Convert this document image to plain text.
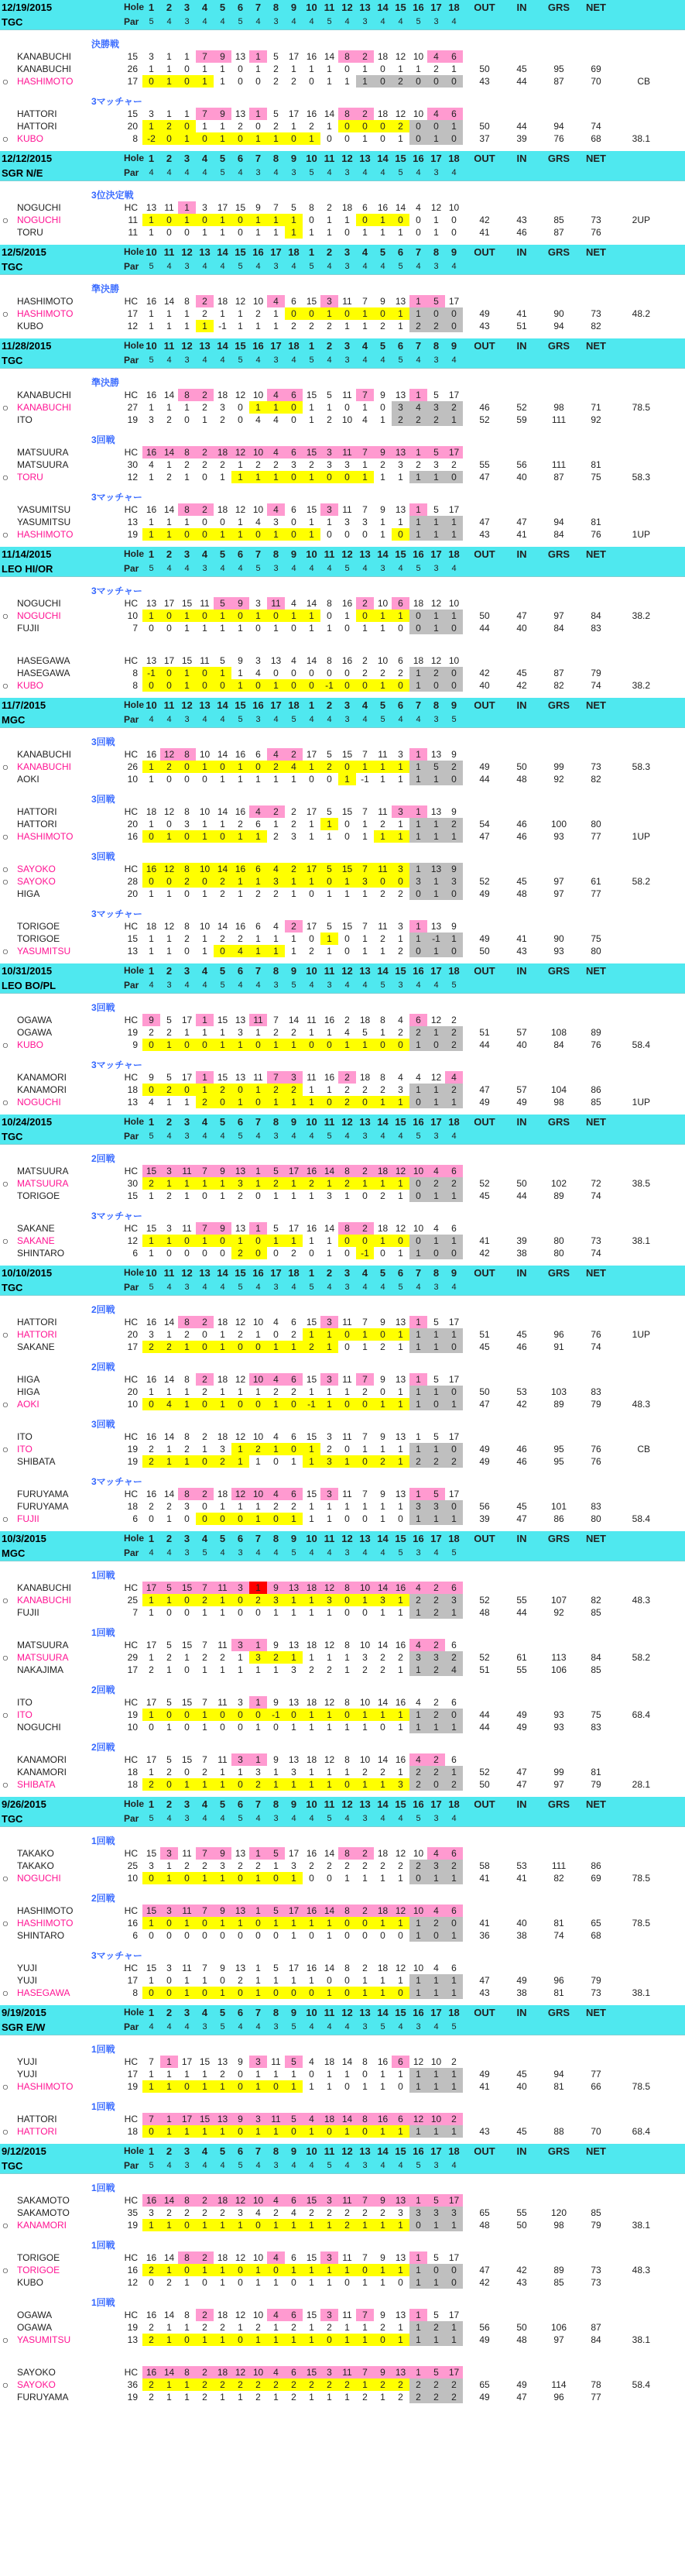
12/19/2015	Hole 1	2	3	4	5	6	7	8	9 10 11 12 13 14 15 16 17 18	OUT	IN	GRS	NET
TGC	Par	5	4	3	4	4	5	4	3	4	4	5	4	3	4	4	5	3	4
決勝戦
KANABUCHI	15	3	1	1	7	9	13	1	5	17 16 14	8	2	18 12 10	4	6
KANABUCHI	26	1	1	0	1	1	0	1	2	1	1	1	0	1	0	1	1	2	1	50	45	95	69
○ HASHIMOTO	17	0	1	0	1	1	0	0	2	2	0	1	1	1	0	2	0	0	0	43	44	87	70	CB
3マッチャー
HATTORI	15	3	1	1	7	9	13	1	5	17 16 14	8	2	18 12 10	4	6
HATTORI	20	1	2	0	1	1	2	0	2	1	2	1	0	0	0	2	0	0	1	50	44	94	74
○ KUBO	8	-2	0	1	0	1	0	1	1	0	1	0	0	1	0	1	0	1	0	37	39	76	68	38.1
12/12/2015	Hole 1	2	3	4	5	6	7	8	9 10 11 12 13 14 15 16 17 18	OUT	IN	GRS	NET
SGR N/E	Par	4	4	4	4	5	4	3	4	3	5	4	3	4	4	5	4	3	4
3位決定戦
NOGUCHI	HC 13 11	1	3	17 15	9	7	5	8	2	18	6	16 14	4	12 10
○ NOGUCHI	11	1	0	1	0	1	0	1	1	1	0	1	1	0	1	0	0	1	0	42	43	85	73	2UP
TORU	11	1	0	0	1	1	0	1	1	1	1	1	0	1	1	1	0	1	0	41	46	87	76
12/5/2015	Hole 10 11 12 13 14 15 16 17 18 1	2	3	4	5	6	7	8	9	OUT	IN	GRS	NET
TGC	Par	5	4	3	4	4	5	4	3	4	5	4	3	4	4	5	4	3	4
準決勝
HASHIMOTO	HC 16 14	8	2	18 12 10	4	6	15	3	11	7	9	13	1	5	17
○ HASHIMOTO	17	1	1	1	2	1	1	2	1	0	0	1	0	1	0	1	1	0	0	49	41	90	73	48.2
KUBO	12	1	1	1	1	-1	1	1	1	2	2	2	1	1	2	1	2	2	0	43	51	94	82
11/28/2015	Hole 10 11 12 13 14 15 16 17 18 1	2	3	4	5	6	7	8	9	OUT	IN	GRS	NET
TGC	Par	5	4	3	4	4	5	4	3	4	5	4	3	4	4	5	4	3	4
準決勝
KANABUCHI	HC 16 14	8	2	18 12 10	4	6	15	5	11	7	9	13	1	5	17
○ KANABUCHI	27	1	1	1	2	3	0	1	1	0	1	1	0	1	0	3	4	3	2	46	52	98	71	78.5
ITO	19	3	2	0	1	2	0	4	4	0	1	2	10	4	1	2	2	2	1	52	59	111	92
3回戦
MATSUURA	HC 16 14	8	2	18 12 10	4	6	15	3	11	7	9	13	1	5	17
MATSUURA	30	4	1	2	2	2	1	2	2	3	2	3	3	1	2	3	2	3	2	55	56	111	81
○ TORU	12	1	2	1	0	1	1	1	1	0	1	0	0	1	1	1	1	1	0	47	40	87	75	58.3
3マッチャー
YASUMITSU	HC 16 14	8	2	18 12 10	4	6	15	3	11	7	9	13	1	5	17
YASUMITSU	13	1	1	1	0	0	1	4	3	0	1	1	3	3	1	1	1	1	1	47	47	94	81
○ HASHIMOTO	19	1	1	0	0	1	1	0	1	0	1	0	0	0	1	0	1	1	1	43	41	84	76	1UP
11/14/2015	Hole 1	2	3	4	5	6	7	8	9 10 11 12 13 14 15 16 17 18	OUT	IN	GRS	NET
LEO HI/OR	Par	5	4	4	3	4	4	5	3	4	4	4	5	4	3	4	5	3	4
3マッチャー
NOGUCHI	HC 13 17 15 11	5	9	3	11	4	14	8	16	2	10	6	18 12 10
○ NOGUCHI	10	1	0	1	0	1	0	1	0	1	1	0	1	0	1	1	0	1	1	50	47	97	84	38.2
FUJII	7	0	0	1	1	1	1	0	1	0	1	1	0	1	1	0	0	1	0	44	40	84	83
HASEGAWA	HC 13 17 15 11	5	9	3	13	4	14	8	16	2	10	6	18 12 10
HASEGAWA	8	-1	0	1	0	1	1	4	0	0	0	0	0	2	2	2	1	2	0	42	45	87	79
○ KUBO	8	0	0	1	0	0	1	0	1	0	0	-1	0	0	1	0	1	0	0	40	42	82	74	38.2
11/7/2015	Hole 10 11 12 13 14 15 16 17 18 1	2	3	4	5	6	7	8	9	OUT	IN	GRS	NET
MGC	Par	4	4	3	4	4	5	3	4	5	4	4	3	4	5	4	4	3	5
3回戦
KANABUCHI	HC 16 12	8	10 14 16	6	4	2	17	5	15	7	11	3	1	13	9
○ KANABUCHI	26	1	2	0	1	0	1	0	2	4	1	2	0	1	1	1	1	5	2	49	50	99	73	58.3
AOKI	10	1	0	0	0	1	1	1	1	1	0	0	1	-1	1	1	1	1	0	44	48	92	82
3回戦
HATTORI	HC 18 12	8	10 14 16	4	2	2	17	5	15	7	11	3	1	13	9
HATTORI	20	1	0	3	1	1	2	6	1	2	1	1	0	1	2	1	1	1	2	54	46	100	80
○ HASHIMOTO	16	0	1	0	1	0	1	1	2	3	1	1	0	1	1	1	1	1	1	47	46	93	77	1UP
3回戦
○ SAYOKO	HC 16 12	8	10 14 16	6	4	2	17	5	15	7	11	3	1	13	9
○ SAYOKO	28	0	0	2	0	2	1	1	3	1	1	0	1	3	0	0	3	1	3	52	45	97	61	58.2
HIGA	20	1	1	0	1	2	1	2	2	1	0	1	1	1	2	2	0	1	0	49	48	97	77
3マッチャー
TORIGOE	HC 18 12	8	10 14 16	6	4	2	17	5	15	7	11	3	1	13	9
TORIGOE	15	1	1	2	1	2	2	1	1	1	0	1	0	1	2	1	1	-1	1	49	41	90	75
○ YASUMITSU	13	1	1	0	1	0	4	1	1	1	2	1	0	1	1	2	0	1	0	50	43	93	80
10/31/2015	Hole 1	2	3	4	5	6	7	8	9 10 11 12 13 14 15 16 17 18	OUT	IN	GRS	NET
LEO BO/PL	Par	4	3	4	4	5	4	4	3	5	4	3	4	4	5	3	4	4	5
3回戦
OGAWA	HC	9	5	17	1	15 13 11	7	14 11 16	2	18	8	4	6	12	2
OGAWA	19	2	2	1	1	1	3	1	2	2	1	1	4	5	1	2	2	1	2	51	57	108	89
○ KUBO	9	0	1	0	0	1	1	0	1	1	0	0	1	1	0	0	1	0	2	44	40	84	76	58.4
3マッチャー
KANAMORI	HC	9	5	17	1	15 13 11	7	3	11 16	2	18	8	4	4	12	4
KANAMORI	18	0	2	0	1	2	0	1	2	2	1	1	2	2	2	3	1	1	2	47	57	104	86
○ NOGUCHI	13	4	1	1	2	0	1	0	1	1	1	0	2	0	1	1	0	1	1	49	49	98	85	1UP
10/24/2015	Hole 1	2	3	4	5	6	7	8	9 10 11 12 13 14 15 16 17 18	OUT	IN	GRS	NET
TGC	Par	5	4	3	4	4	5	4	3	4	4	5	4	3	4	4	5	3	4
2回戦
MATSUURA	HC 15	3	11	7	9	13	1	5	17 16 14	8	2	18 12 10	4	6
○ MATSUURA	30	2	1	1	1	1	3	1	2	1	2	1	2	1	1	1	0	2	2	52	50	102	72	38.5
TORIGOE	15	1	2	1	0	1	2	0	1	1	1	3	1	0	2	1	0	1	1	45	44	89	74
3マッチャー
SAKANE	HC 15	3	11	7	9	13	1	5	17 16 14	8	2	18 12 10	4	6
○ SAKANE	12	1	1	0	1	0	1	0	1	1	1	1	0	0	1	0	0	1	1	41	39	80	73	38.1
SHINTARO	6	1	0	0	0	0	2	0	0	2	0	1	0	-1	0	1	1	0	0	42	38	80	74
10/10/2015	Hole 10 11 12 13 14 15 16 17 18 1	2	3	4	5	6	7	8	9	OUT	IN	GRS	NET
TGC	Par	5	4	3	4	4	5	4	3	4	5	4	3	4	4	5	4	3	4
2回戦
HATTORI	HC 16 14	8	2	18 12 10	4	6	15	3	11	7	9	13	1	5	17
○ HATTORI	20	3	1	2	0	1	2	1	0	2	1	1	0	1	0	1	1	1	1	51	45	96	76	1UP
SAKANE	17	2	2	1	0	1	0	0	1	1	2	1	0	1	2	1	1	1	0	45	46	91	74
2回戦
HIGA	HC 16 14	8	2	18 12 10	4	6	15	3	11	7	9	13	1	5	17
HIGA	20	1	1	1	2	1	1	1	2	2	1	1	1	2	0	1	1	1	0	50	53	103	83
○ AOKI	10	0	4	1	0	1	0	0	1	0	-1	1	0	0	1	1	1	0	1	47	42	89	79	48.3
3回戦
ITO	HC 16 14	8	2	18 12 10	4	6	15	3	11	7	9	13	1	5	17
○ ITO	19	2	1	2	1	3	1	2	1	0	1	2	0	1	1	1	1	1	0	49	46	95	76	CB
SHIBATA	19	2	1	1	0	2	1	1	0	1	1	3	1	0	2	1	2	2	2	49	46	95	76
3マッチャー
FURUYAMA	HC 16 14	8	2	18 12 10	4	6	15	3	11	7	9	13	1	5	17
FURUYAMA	18	2	2	3	0	1	1	1	2	2	1	1	1	1	1	1	3	3	0	56	45	101	83
○ FUJII	6	0	1	0	0	0	0	1	0	1	1	1	0	0	1	0	1	1	1	39	47	86	80	58.4
10/3/2015	Hole 1	2	3	4	5	6	7	8	9 10 11 12 13 14 15 16 17 18	OUT	IN	GRS	NET
MGC	Par	4	4	3	5	4	3	4	4	5	4	4	3	4	4	5	3	4	5
1回戦
KANABUCHI	HC 17	5	15	7	11	3	1	9	13 18 12	8	10 14 16	4	2	6
○ KANABUCHI	25	1	1	0	2	1	0	2	3	1	1	3	0	1	3	1	2	2	3	52	55	107	82	48.3
FUJII	7	1	0	0	1	1	0	0	1	1	1	1	0	0	1	1	1	2	1	48	44	92	85
1回戦
MATSUURA	HC 17	5	15	7	11	3	1	9	13 18 12	8	10 14 16	4	2	6
○ MATSUURA	29	1	2	1	2	2	1	3	2	1	1	1	1	3	2	2	3	3	2	52	61	113	84	58.2
NAKAJIMA	17	2	1	0	1	1	1	1	1	3	2	2	1	2	2	1	1	2	4	51	55	106	85
2回戦
ITO	HC 17	5	15	7	11	3	1	9	13 18 12	8	10 14 16	4	2	6
○ ITO	19	1	0	0	1	0	0	0	-1	0	1	1	0	1	1	1	1	2	0	44	49	93	75	68.4
NOGUCHI	10	0	1	0	1	0	0	1	0	1	1	1	1	1	0	1	1	1	1	44	49	93	83
2回戦
KANAMORI	HC 17	5	15	7	11	3	1	9	13 18 12	8	10 14 16	4	2	6
KANAMORI	18	1	2	0	2	1	1	3	1	3	1	1	1	2	2	1	2	2	1	52	47	99	81
○ SHIBATA	18	2	0	1	1	1	0	2	1	1	1	1	0	1	1	3	2	0	2	50	47	97	79	28.1
9/26/2015	Hole 1	2	3	4	5	6	7	8	9 10 11 12 13 14 15 16 17 18	OUT	IN	GRS	NET
TGC	Par	5	4	3	4	4	5	4	3	4	4	5	4	3	4	4	5	3	4
1回戦
TAKAKO	HC 15	3	11	7	9	13	1	5	17 16 14	8	2	18 12 10	4	6
TAKAKO	25	3	1	2	2	3	2	2	1	3	2	2	2	2	2	2	2	3	2	58	53	111	86
○ NOGUCHI	10	0	1	0	1	1	0	1	0	1	0	0	1	1	1	1	0	1	1	41	41	82	69	78.5
2回戦
HASHIMOTO	HC 15	3	11	7	9	13	1	5	17 16 14	8	2	18 12 10	4	6
○ HASHIMOTO	16	1	0	1	0	1	1	0	1	1	1	1	0	0	1	1	1	2	0	41	40	81	65	78.5
SHINTARO	6	0	0	0	0	0	0	0	0	1	0	1	0	0	0	0	1	0	1	36	38	74	68
3マッチャー
YUJI	HC 15	3	11	7	9	13	1	5	17 16 14	8	2	18 12 10	4	6
YUJI	17	1	0	1	1	0	2	1	1	1	1	0	0	1	1	1	1	1	1	47	49	96	79
○ HASEGAWA	8	0	0	1	0	1	0	1	0	0	0	1	0	1	1	0	1	1	1	43	38	81	73	38.1
9/19/2015	Hole 1	2	3	4	5	6	7	8	9 10 11 12 13 14 15 16 17 18	OUT	IN	GRS	NET
SGR E/W	Par	4	4	4	3	5	4	4	3	5	4	4	4	3	5	4	3	4	5
1回戦
YUJI	HC	7	1	17 15 13	9	3	11	5	4	18 14	8	16	6	12 10	2
YUJI	17	1	1	1	1	2	0	1	1	1	0	1	1	0	1	1	1	1	1	49	45	94	77
○ HASHIMOTO	19	1	1	0	1	1	0	1	0	1	1	1	0	1	1	0	1	1	1	41	40	81	66	78.5
1回戦
HATTORI	HC	7	1	17 15 13	9	3	11	5	4	18 14	8	16	6	12 10	2
○ HATTORI	18	0	1	1	1	1	0	1	1	0	1	0	1	0	1	1	1	1	1	43	45	88	70	68.4
9/12/2015	Hole 1	2	3	4	5	6	7	8	9 10 11 12 13 14 15 16 17 18	OUT	IN	GRS	NET
TGC	Par	5	4	3	4	4	5	4	3	4	4	5	4	3	4	4	5	3	4
1回戦
SAKAMOTO	HC 16 14	8	2	18 12 10	4	6	15	3	11	7	9	13	1	5	17
SAKAMOTO	35	3	2	2	2	2	3	4	2	4	2	2	2	2	2	3	3	3	3	65	55	120	85
○ KANAMORI	19	1	1	0	1	1	1	0	1	1	1	1	2	1	1	1	0	1	1	48	50	98	79	38.1
1回戦
TORIGOE	HC 16 14	8	2	18 12 10	4	6	15	3	11	7	9	13	1	5	17
○ TORIGOE	16	2	1	0	1	1	0	1	0	1	1	1	1	0	1	1	1	0	0	47	42	89	73	48.3
KUBO	12	0	2	1	0	1	0	1	1	0	1	1	0	1	1	0	1	1	0	42	43	85	73
1回戦
OGAWA	HC 16 14	8	2	18 12 10	4	6	15	3	11	7	9	13	1	5	17
OGAWA	19	2	1	1	2	2	1	2	1	2	1	2	1	1	2	1	1	2	1	56	50	106	87
○ YASUMITSU	13	2	1	0	1	1	0	1	1	1	1	0	1	1	0	1	1	1	1	49	48	97	84	38.1
SAYOKO	HC 16 14	8	2	18 12 10	4	6	15	3	11	7	9	13	1	5	17
○ SAYOKO	36	2	1	1	2	2	2	2	2	2	2	2	2	1	2	2	2	2	2	65	49	114	78	58.4
FURUYAMA	19	2	1	1	2	1	1	2	1	2	1	1	1	2	1	2	2	2	2	49	47	96	77
